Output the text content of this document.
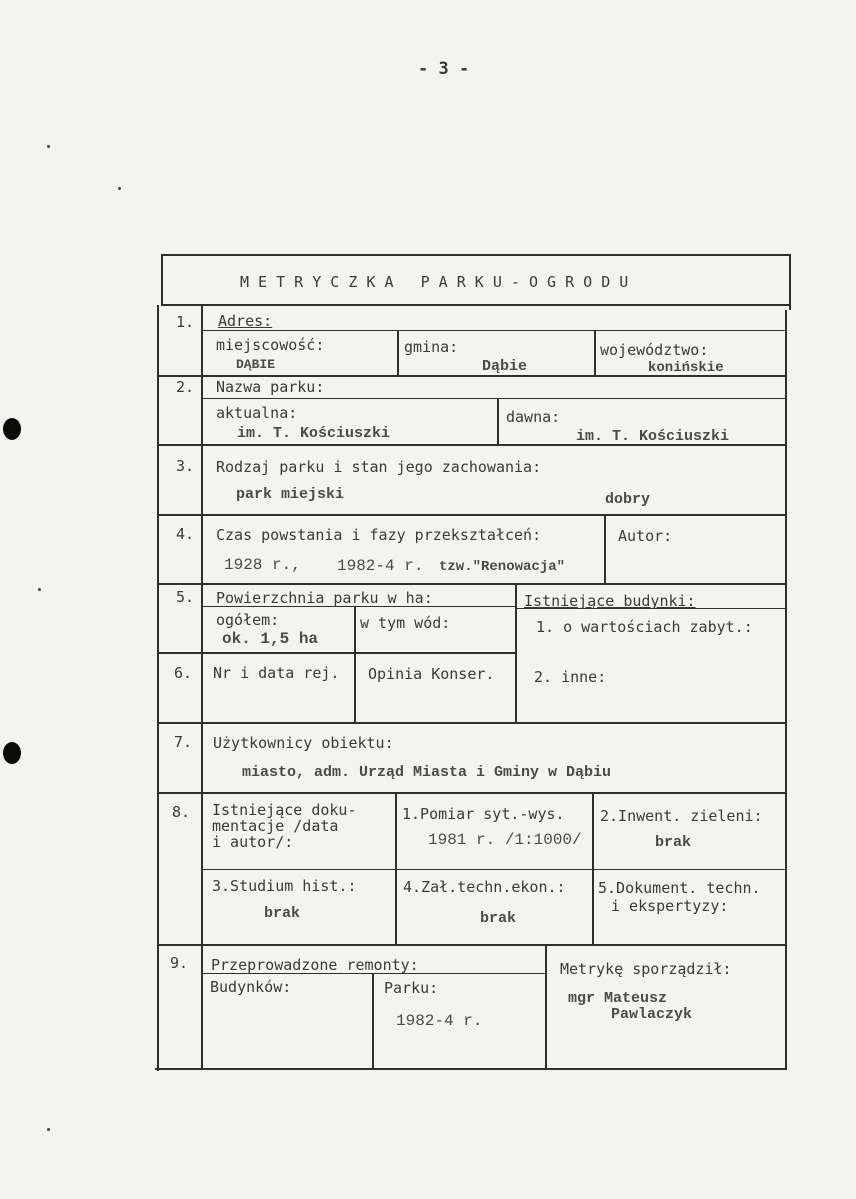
- 3 -
M E T R Y C Z K A   P A R K U - O G R O D U
1. Adres:
miejscowość:
DĄBIE
gmina:
Dąbie
województwo:
konińskie
2. Nazwa parku:
aktualna:
im. T. Kościuszki
dawna:
im. T. Kościuszki
3. Rodzaj parku i stan jego zachowania:
park miejski	dobry
4. Czas powstania i fazy przekształceń:
1928 r., 1982-4 r. tzw."Renowacja"
Autor:
5. Powierzchnia parku w ha:
ogółem:
ok. 1,5 ha
w tym wód:
Istniejące budynki:
1. o wartościach zabyt.:
2. inne:
6. Nr i data rej. Opinia Konser.
7. Użytkownicy obiektu:
miasto, adm. Urząd Miasta i Gminy w Dąbiu
8. Istniejące doku-
mentacje /data
i autor/:
1.Pomiar syt.-wys.
1981 r. /1:1000/
2.Inwent. zieleni:
brak
3.Studium hist.:
brak
4.Zał.techn.ekon.:
brak
5.Dokument. techn.
i ekspertyzy:
9. Przeprowadzone remonty:
Budynków:	Parku:
1982-4 r.
Metrykę sporządził:
mgr Mateusz
Pawlaczyk
